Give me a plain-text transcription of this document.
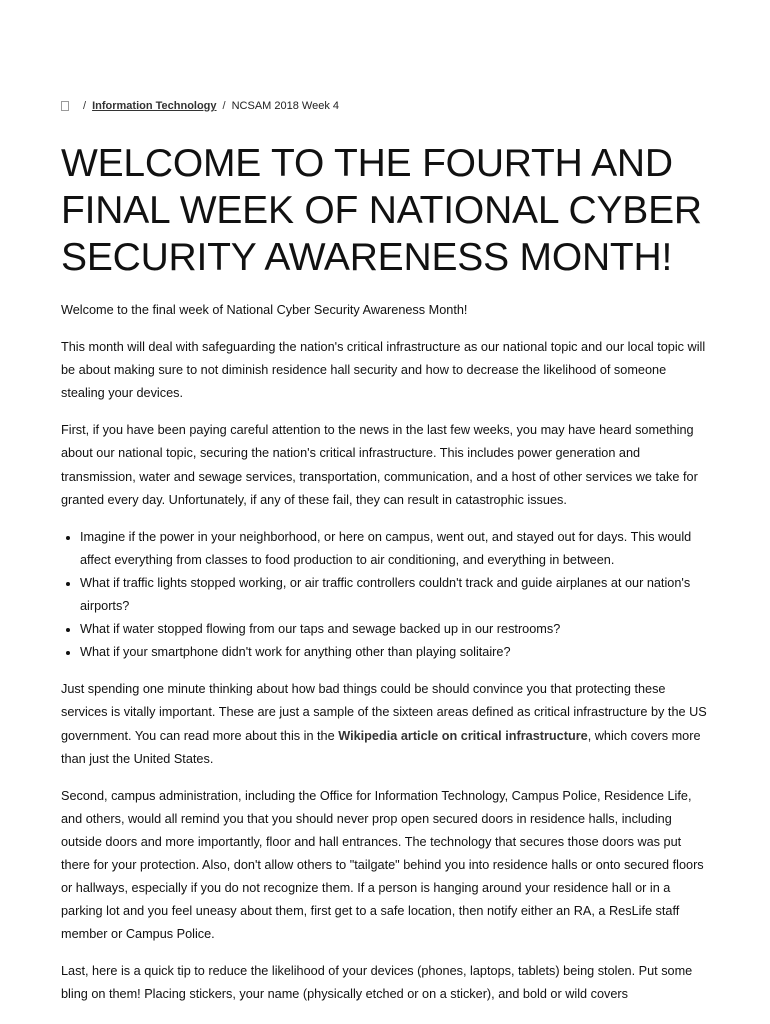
/ Information Technology / NCSAM 2018 Week 4
WELCOME TO THE FOURTH AND FINAL WEEK OF NATIONAL CYBER SECURITY AWARENESS MONTH!

Welcome to the final week of National Cyber Security Awareness Month!

This month will deal with safeguarding the nation's critical infrastructure as our national topic and our local topic will be about making sure to not diminish residence hall security and how to decrease the likelihood of someone stealing your devices.

First, if you have been paying careful attention to the news in the last few weeks, you may have heard something about our national topic, securing the nation's critical infrastructure. This includes power generation and transmission, water and sewage services, transportation, communication, and a host of other services we take for granted every day. Unfortunately, if any of these fail, they can result in catastrophic issues.

• Imagine if the power in your neighborhood, or here on campus, went out, and stayed out for days. This would affect everything from classes to food production to air conditioning, and everything in between.
• What if traffic lights stopped working, or air traffic controllers couldn't track and guide airplanes at our nation's airports?
• What if water stopped flowing from our taps and sewage backed up in our restrooms?
• What if your smartphone didn't work for anything other than playing solitaire?

Just spending one minute thinking about how bad things could be should convince you that protecting these services is vitally important. These are just a sample of the sixteen areas defined as critical infrastructure by the US government. You can read more about this in the Wikipedia article on critical infrastructure, which covers more than just the United States.

Second, campus administration, including the Office for Information Technology, Campus Police, Residence Life, and others, would all remind you that you should never prop open secured doors in residence halls, including outside doors and more importantly, floor and hall entrances. The technology that secures those doors was put there for your protection. Also, don't allow others to "tailgate" behind you into residence halls or onto secured floors or hallways, especially if you do not recognize them. If a person is hanging around your residence hall or in a parking lot and you feel uneasy about them, first get to a safe location, then notify either an RA, a ResLife staff member or Campus Police.

Last, here is a quick tip to reduce the likelihood of your devices (phones, laptops, tablets) being stolen. Put some bling on them! Placing stickers, your name (physically etched or on a sticker), and bold or wild covers
